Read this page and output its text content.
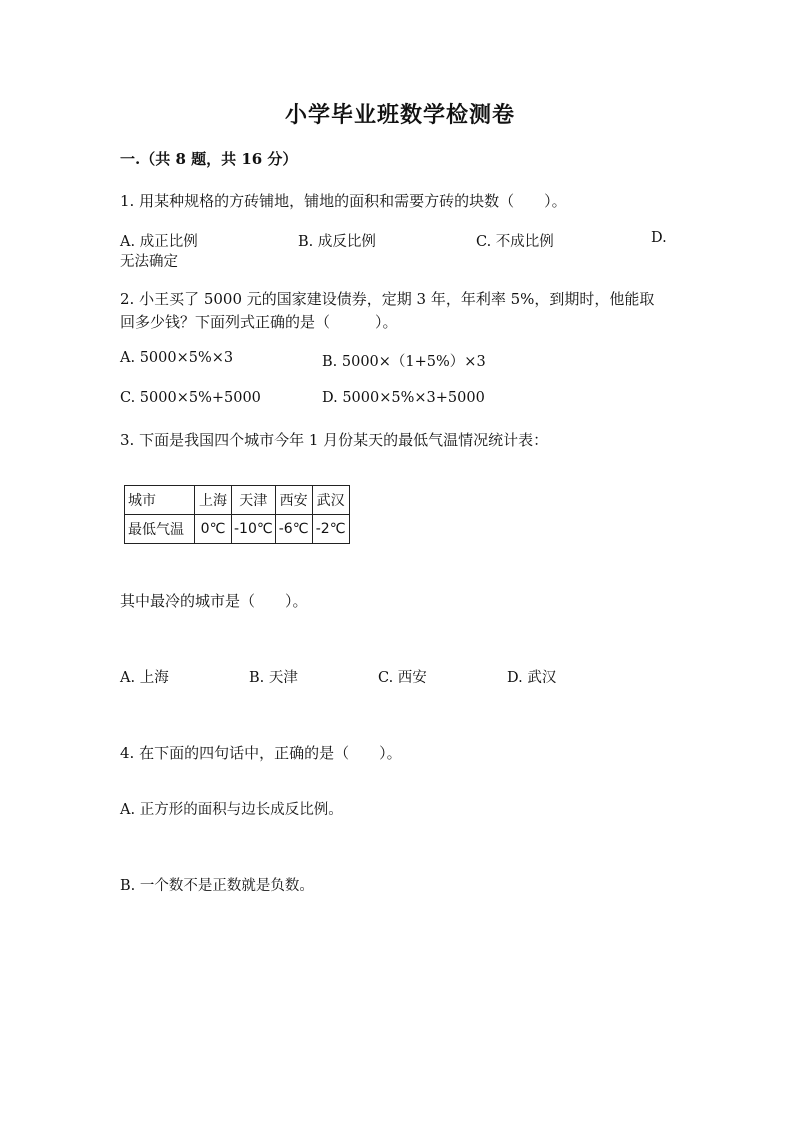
小学毕业班数学检测卷
一.（共 8 题，共 16 分）
1. 用某种规格的方砖铺地，铺地的面积和需要方砖的块数（　　）。
A. 成正比例	B. 成反比例	C. 不成比例	D.
无法确定
2. 小王买了 5000 元的国家建设债券，定期 3 年，年利率 5%，到期时，他能取
回多少钱？下面列式正确的是（　　　）。
A. 5000×5%×3	B. 5000×（1+5%）×3
C. 5000×5%+5000	D. 5000×5%×3+5000
3. 下面是我国四个城市今年 1 月份某天的最低气温情况统计表：
城市	上海	天津	西安	武汉
最低气温	0℃	-10℃	-6℃	-2℃
其中最冷的城市是（　　）。
A. 上海	B. 天津	C. 西安	D. 武汉
4. 在下面的四句话中，正确的是（　　）。
A. 正方形的面积与边长成反比例。
B. 一个数不是正数就是负数。
